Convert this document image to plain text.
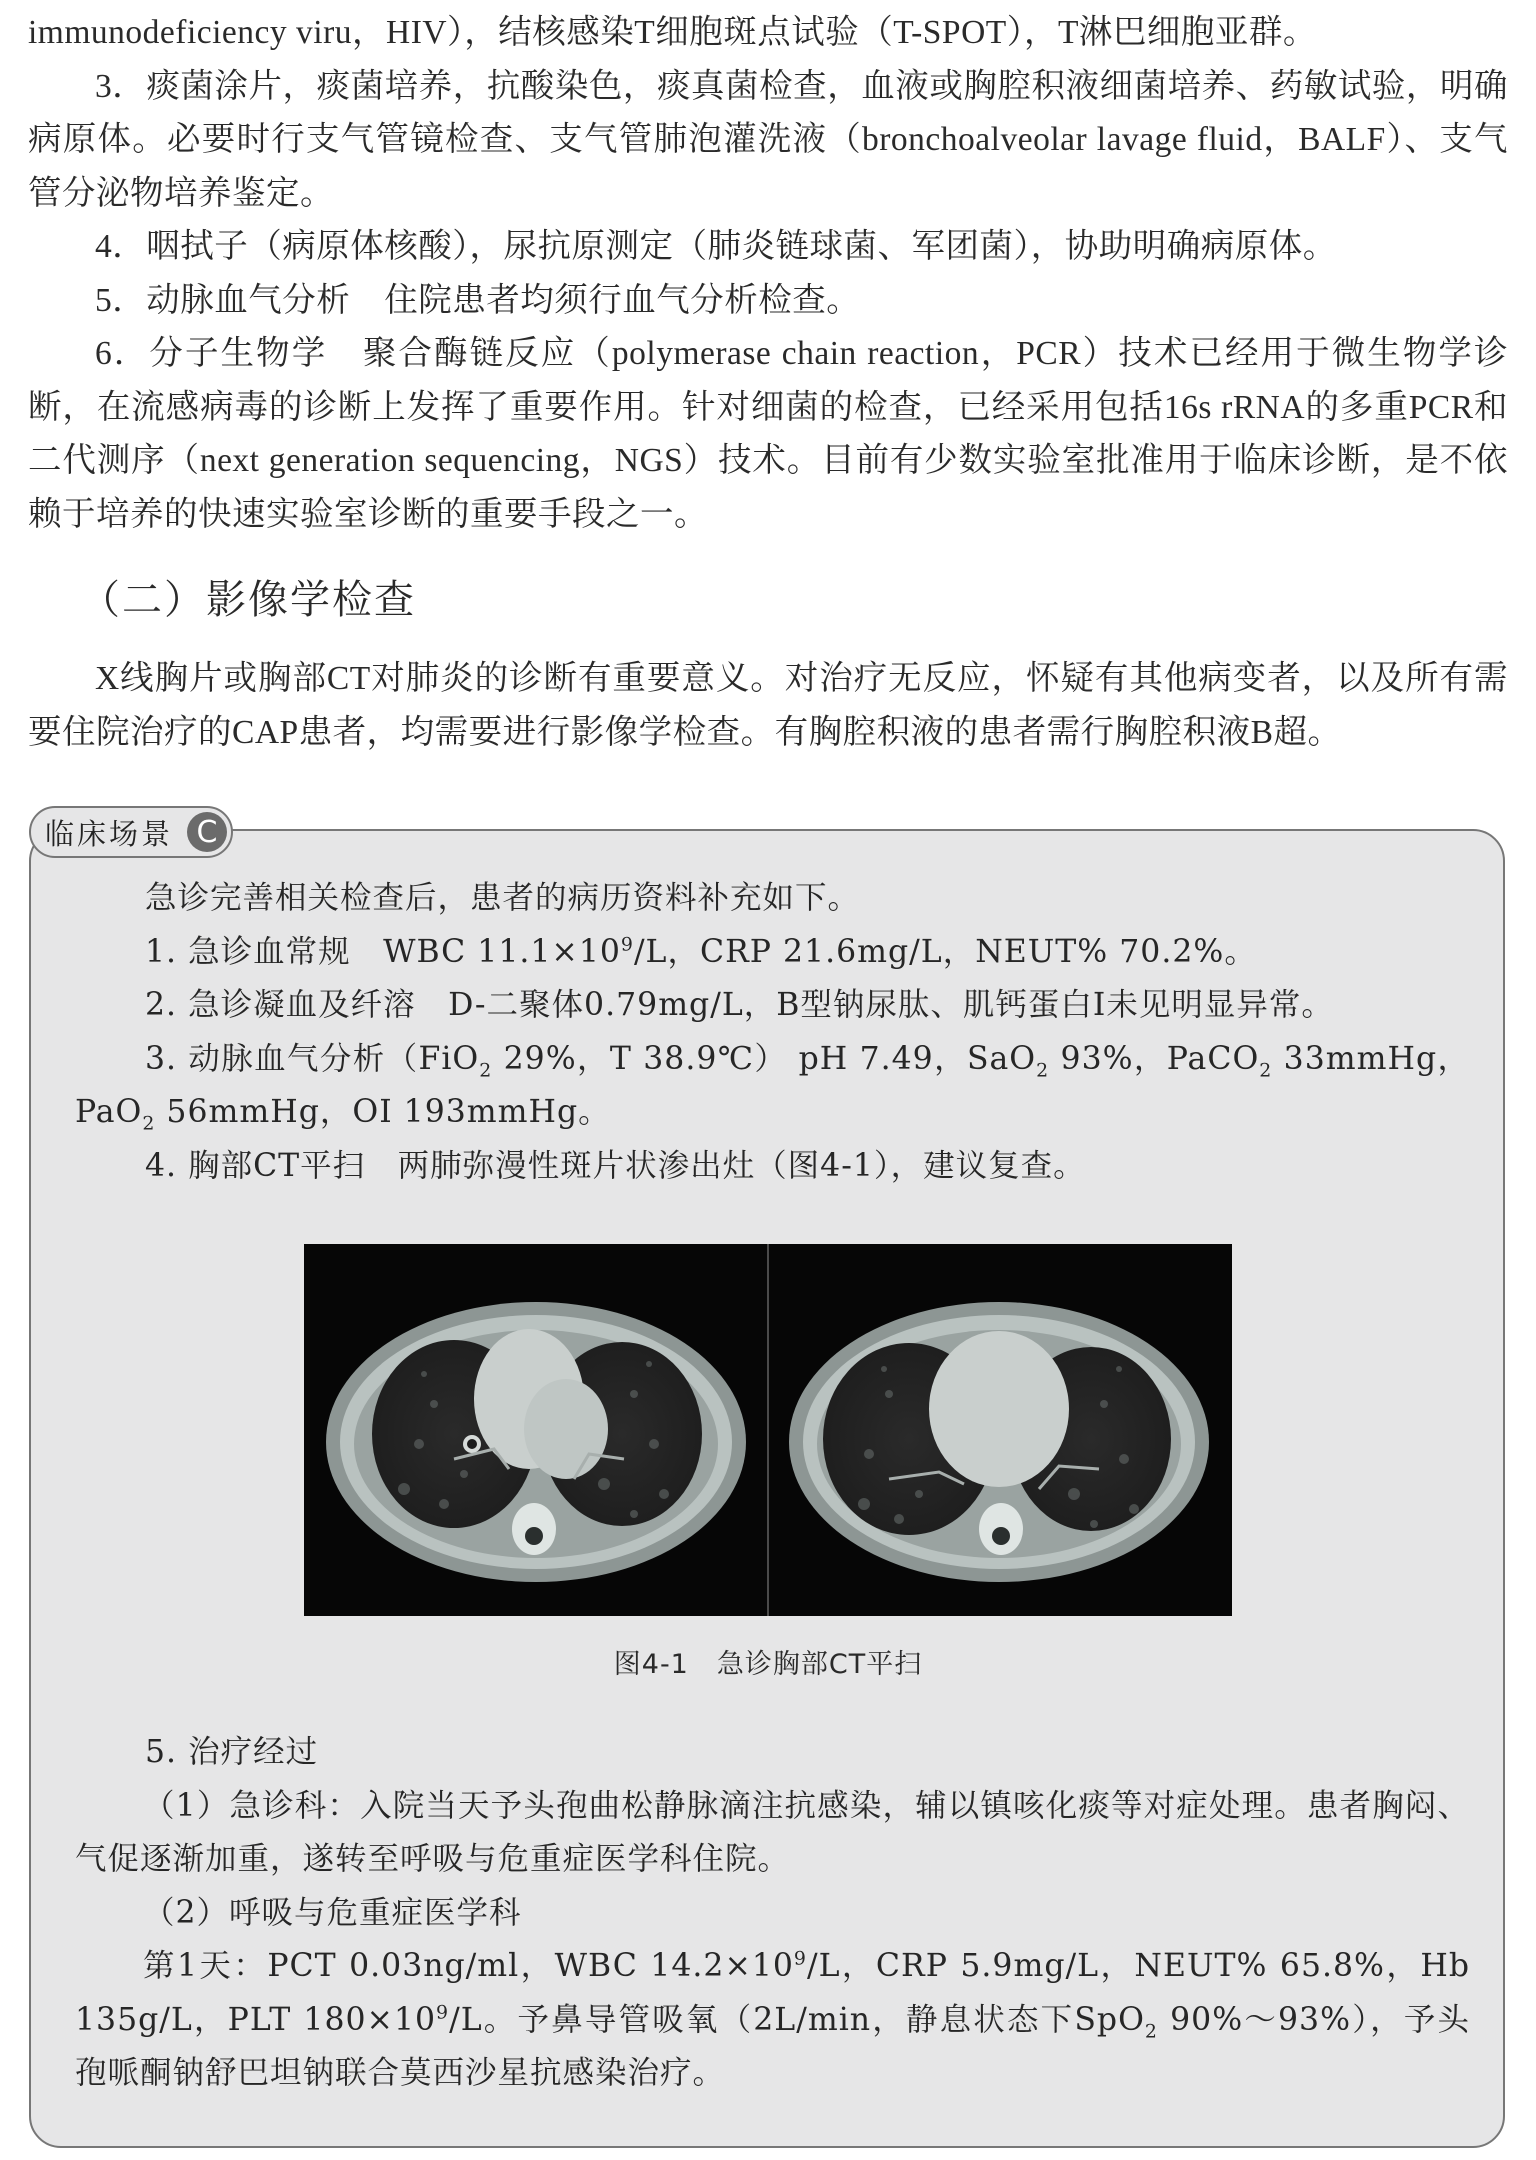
immunodeficiency viru，HIV），结核感染T细胞斑点试验（T-SPOT），T淋巴细胞亚群。

3．痰菌涂片，痰菌培养，抗酸染色，痰真菌检查，血液或胸腔积液细菌培养、药敏试验，明确病原体。必要时行支气管镜检查、支气管肺泡灌洗液（bronchoalveolar lavage fluid，BALF）、支气管分泌物培养鉴定。

4．咽拭子（病原体核酸），尿抗原测定（肺炎链球菌、军团菌），协助明确病原体。

5．动脉血气分析　住院患者均须行血气分析检查。

6．分子生物学　聚合酶链反应（polymerase chain reaction，PCR）技术已经用于微生物学诊断，在流感病毒的诊断上发挥了重要作用。针对细菌的检查，已经采用包括16s rRNA的多重PCR和二代测序（next generation sequencing，NGS）技术。目前有少数实验室批准用于临床诊断，是不依赖于培养的快速实验室诊断的重要手段之一。

（二）影像学检查

X线胸片或胸部CT对肺炎的诊断有重要意义。对治疗无反应，怀疑有其他病变者，以及所有需要住院治疗的CAP患者，均需要进行影像学检查。有胸腔积液的患者需行胸腔积液B超。

临床场景 C

急诊完善相关检查后，患者的病历资料补充如下。

1. 急诊血常规　WBC $11.1\times 10^9/L$，CRP 21.6mg/L，NEUT% 70.2%。

2. 急诊凝血及纤溶　D-二聚体0.79mg/L，B型钠尿肽、肌钙蛋白I未见明显异常。

3. 动脉血气分析（FiO$_2$ 29%，T 38.9℃） pH 7.49，SaO$_2$ 93%，PaCO$_2$ 33mmHg，PaO$_2$ 56mmHg，OI 193mmHg。

4. 胸部CT平扫　两肺弥漫性斑片状渗出灶（图4-1），建议复查。

图4-1　急诊胸部CT平扫

5. 治疗经过

（1）急诊科：入院当天予头孢曲松静脉滴注抗感染，辅以镇咳化痰等对症处理。患者胸闷、气促逐渐加重，遂转至呼吸与危重症医学科住院。

（2）呼吸与危重症医学科

第1天：PCT 0.03ng/ml，WBC $14.2\times 10^9/L$，CRP 5.9mg/L，NEUT% 65.8%，Hb 135g/L，PLT $180\times 10^9/L$。予鼻导管吸氧（2L/min，静息状态下SpO$_2$ 90%～93%），予头孢哌酮钠舒巴坦钠联合莫西沙星抗感染治疗。
